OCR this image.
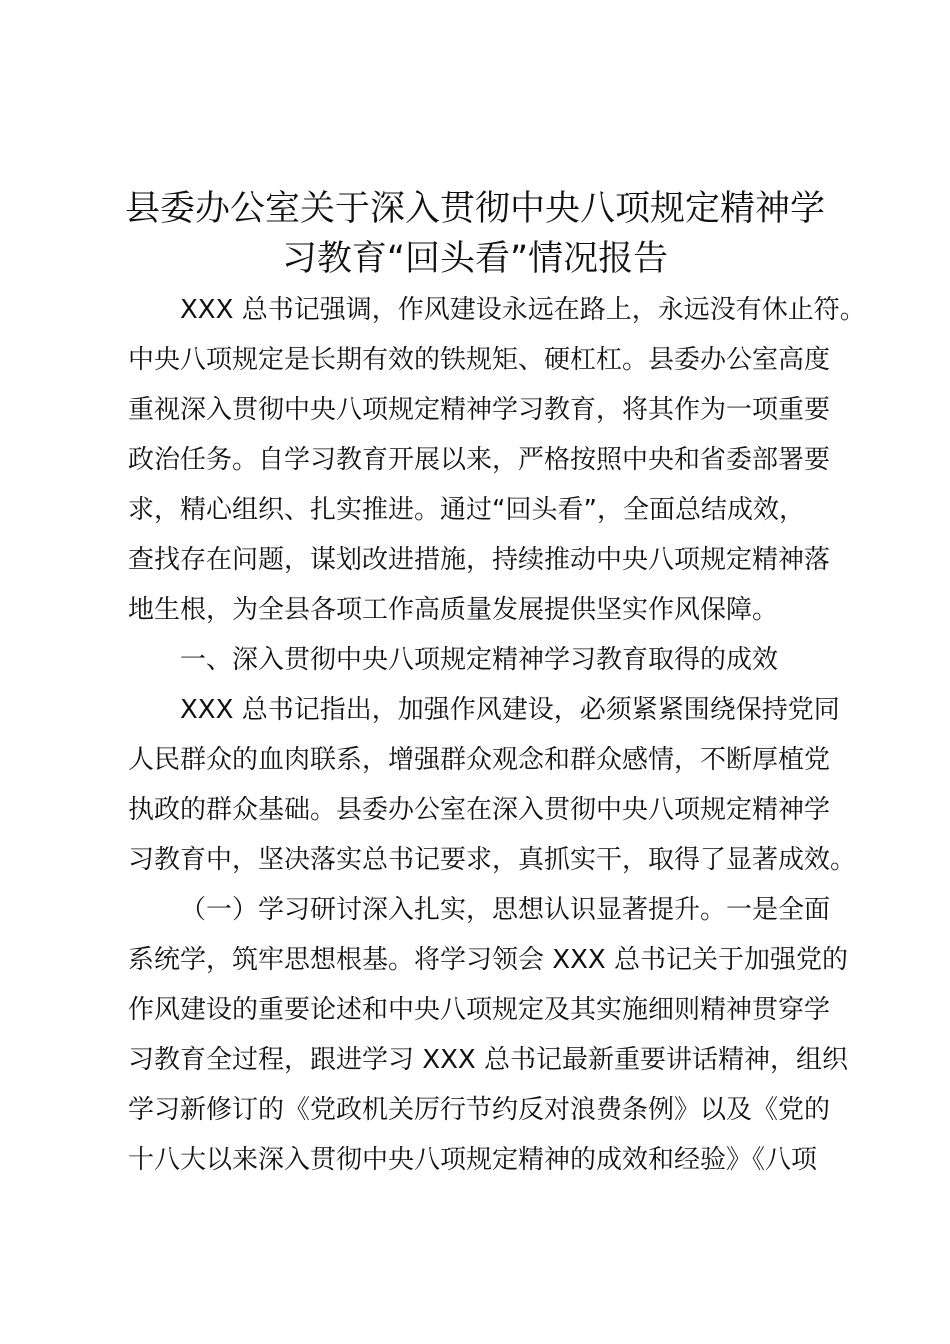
县委办公室关于深入贯彻中央八项规定精神学
习教育“回头看”情况报告
XXX 总书记强调，作风建设永远在路上，永远没有休止符。
中央八项规定是长期有效的铁规矩、硬杠杠。县委办公室高度
重视深入贯彻中央八项规定精神学习教育，将其作为一项重要
政治任务。自学习教育开展以来，严格按照中央和省委部署要
求，精心组织、扎实推进。通过“回头看”，全面总结成效，
查找存在问题，谋划改进措施，持续推动中央八项规定精神落
地生根，为全县各项工作高质量发展提供坚实作风保障。
一、深入贯彻中央八项规定精神学习教育取得的成效
XXX 总书记指出，加强作风建设，必须紧紧围绕保持党同
人民群众的血肉联系，增强群众观念和群众感情，不断厚植党
执政的群众基础。县委办公室在深入贯彻中央八项规定精神学
习教育中，坚决落实总书记要求，真抓实干，取得了显著成效。
（一）学习研讨深入扎实，思想认识显著提升。一是全面
系统学，筑牢思想根基。将学习领会 XXX 总书记关于加强党的
作风建设的重要论述和中央八项规定及其实施细则精神贯穿学
习教育全过程，跟进学习 XXX 总书记最新重要讲话精神，组织
学习新修订的《党政机关厉行节约反对浪费条例》以及《党的
十八大以来深入贯彻中央八项规定精神的成效和经验》《八项
